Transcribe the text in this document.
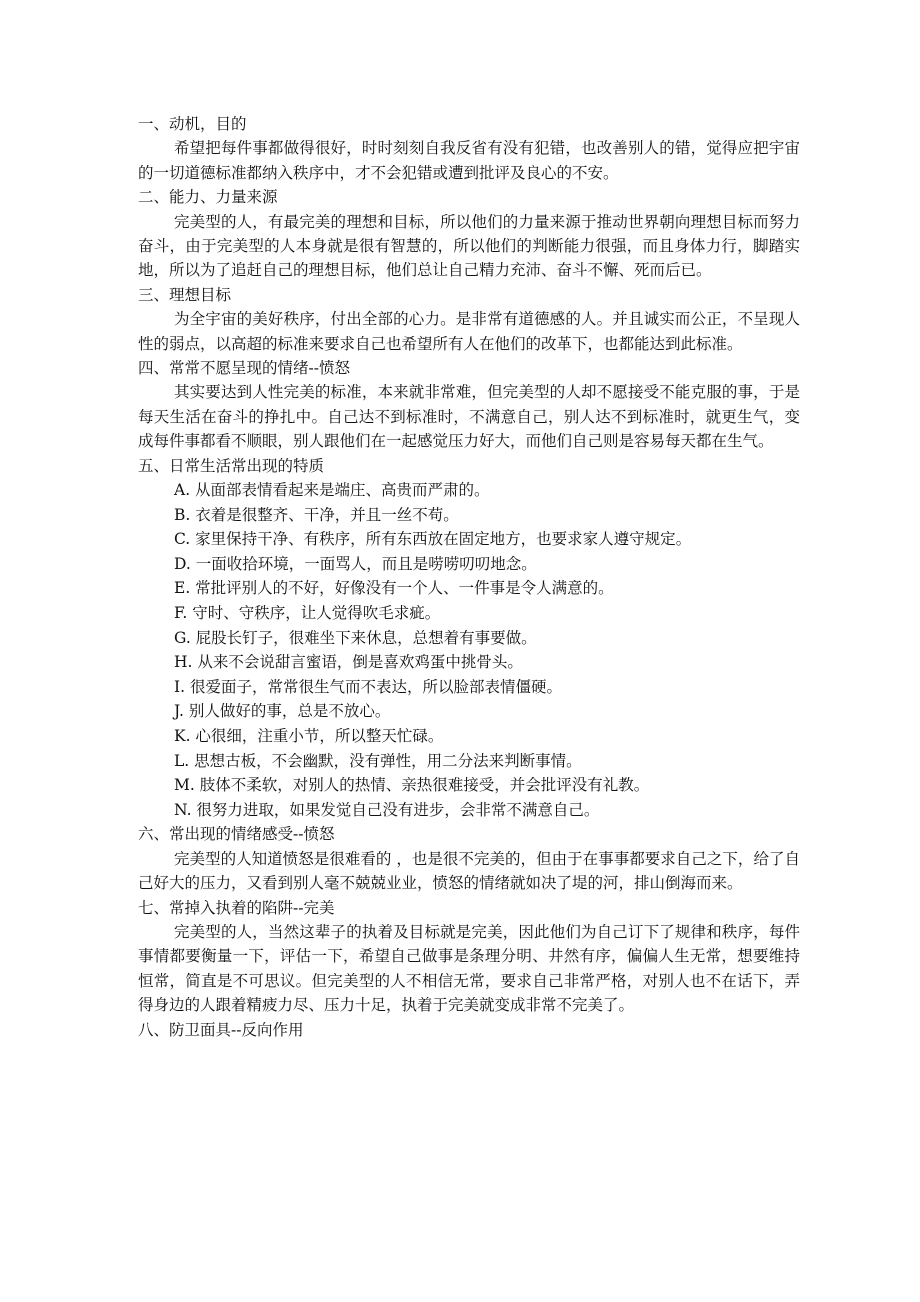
一、动机，目的
希望把每件事都做得很好，时时刻刻自我反省有没有犯错，也改善别人的错，觉得应把宇宙的一切道德标准都纳入秩序中，才不会犯错或遭到批评及良心的不安。
二、能力、力量来源
完美型的人，有最完美的理想和目标，所以他们的力量来源于推动世界朝向理想目标而努力奋斗，由于完美型的人本身就是很有智慧的，所以他们的判断能力很强，而且身体力行，脚踏实地，所以为了追赶自己的理想目标，他们总让自己精力充沛、奋斗不懈、死而后已。
三、理想目标
为全宇宙的美好秩序，付出全部的心力。是非常有道德感的人。并且诚实而公正，不呈现人性的弱点，以高超的标准来要求自己也希望所有人在他们的改革下，也都能达到此标准。
四、常常不愿呈现的情绪--愤怒
其实要达到人性完美的标准，本来就非常难，但完美型的人却不愿接受不能克服的事，于是每天生活在奋斗的挣扎中。自己达不到标准时，不满意自己，别人达不到标准时，就更生气，变成每件事都看不顺眼，别人跟他们在一起感觉压力好大，而他们自己则是容易每天都在生气。
五、日常生活常出现的特质
A. 从面部表情看起来是端庄、高贵而严肃的。
B. 衣着是很整齐、干净，并且一丝不苟。
C. 家里保持干净、有秩序，所有东西放在固定地方，也要求家人遵守规定。
D. 一面收拾环境，一面骂人，而且是唠唠叨叨地念。
E. 常批评别人的不好，好像没有一个人、一件事是令人满意的。
F. 守时、守秩序，让人觉得吹毛求疵。
G. 屁股长钉子，很难坐下来休息，总想着有事要做。
H. 从来不会说甜言蜜语，倒是喜欢鸡蛋中挑骨头。
I. 很爱面子，常常很生气而不表达，所以脸部表情僵硬。
J. 别人做好的事，总是不放心。
K. 心很细，注重小节，所以整天忙碌。
L. 思想古板，不会幽默，没有弹性，用二分法来判断事情。
M. 肢体不柔软，对别人的热情、亲热很难接受，并会批评没有礼教。
N. 很努力进取，如果发觉自己没有进步，会非常不满意自己。
六、常出现的情绪感受--愤怒
完美型的人知道愤怒是很难看的 ，也是很不完美的，但由于在事事都要求自己之下，给了自己好大的压力，又看到别人毫不兢兢业业，愤怒的情绪就如决了堤的河，排山倒海而来。
七、常掉入执着的陷阱--完美
完美型的人，当然这辈子的执着及目标就是完美，因此他们为自己订下了规律和秩序，每件事情都要衡量一下，评估一下，希望自己做事是条理分明、井然有序，偏偏人生无常，想要维持恒常，简直是不可思议。但完美型的人不相信无常，要求自己非常严格，对别人也不在话下，弄得身边的人跟着精疲力尽、压力十足，执着于完美就变成非常不完美了。
八、防卫面具--反向作用
